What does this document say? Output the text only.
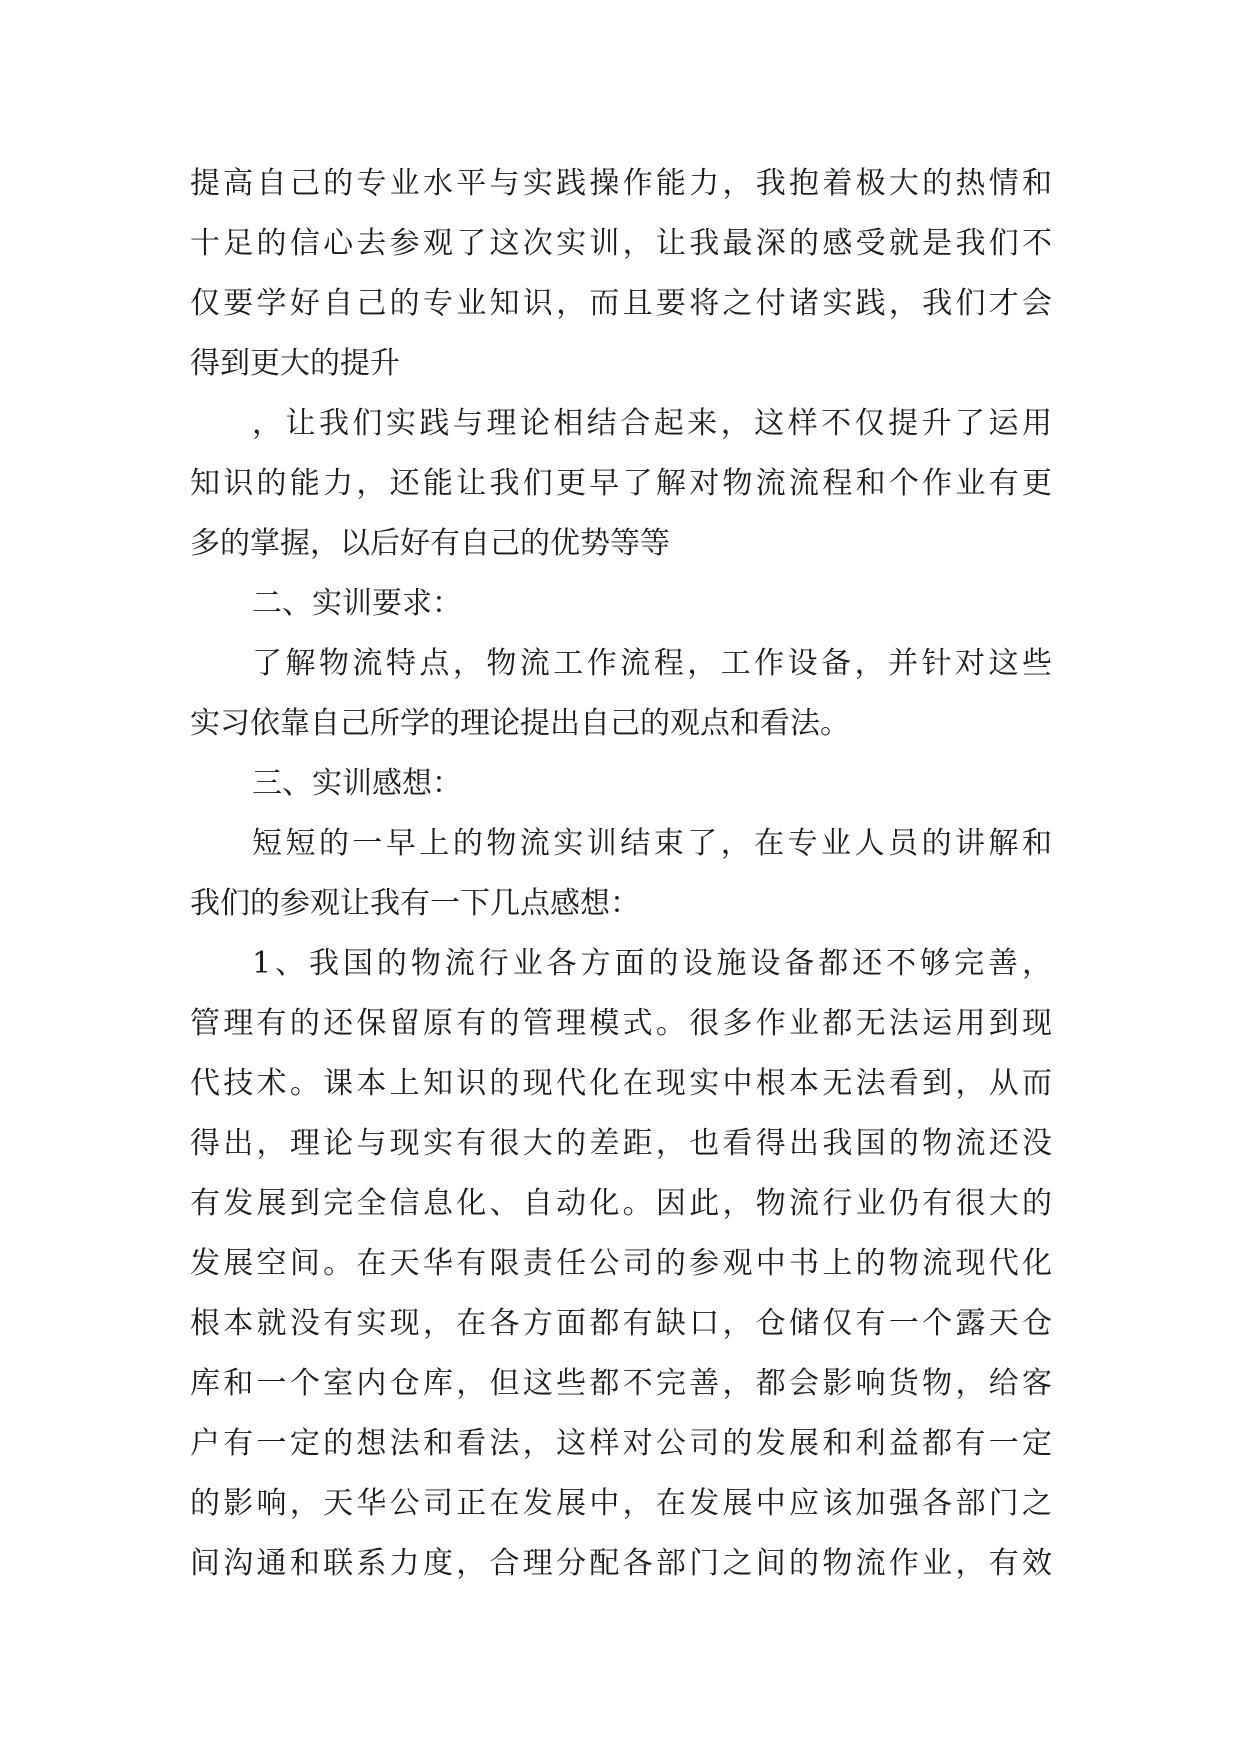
提高自己的专业水平与实践操作能力，我抱着极大的热情和
十足的信心去参观了这次实训，让我最深的感受就是我们不
仅要学好自己的专业知识，而且要将之付诸实践，我们才会
得到更大的提升
，让我们实践与理论相结合起来，这样不仅提升了运用
知识的能力，还能让我们更早了解对物流流程和个作业有更
多的掌握，以后好有自己的优势等等
二、实训要求：
了解物流特点，物流工作流程，工作设备，并针对这些
实习依靠自己所学的理论提出自己的观点和看法。
三、实训感想：
短短的一早上的物流实训结束了，在专业人员的讲解和
我们的参观让我有一下几点感想：
1、我国的物流行业各方面的设施设备都还不够完善，
管理有的还保留原有的管理模式。很多作业都无法运用到现
代技术。课本上知识的现代化在现实中根本无法看到，从而
得出，理论与现实有很大的差距，也看得出我国的物流还没
有发展到完全信息化、自动化。因此，物流行业仍有很大的
发展空间。在天华有限责任公司的参观中书上的物流现代化
根本就没有实现，在各方面都有缺口，仓储仅有一个露天仓
库和一个室内仓库，但这些都不完善，都会影响货物，给客
户有一定的想法和看法，这样对公司的发展和利益都有一定
的影响，天华公司正在发展中，在发展中应该加强各部门之
间沟通和联系力度，合理分配各部门之间的物流作业，有效
